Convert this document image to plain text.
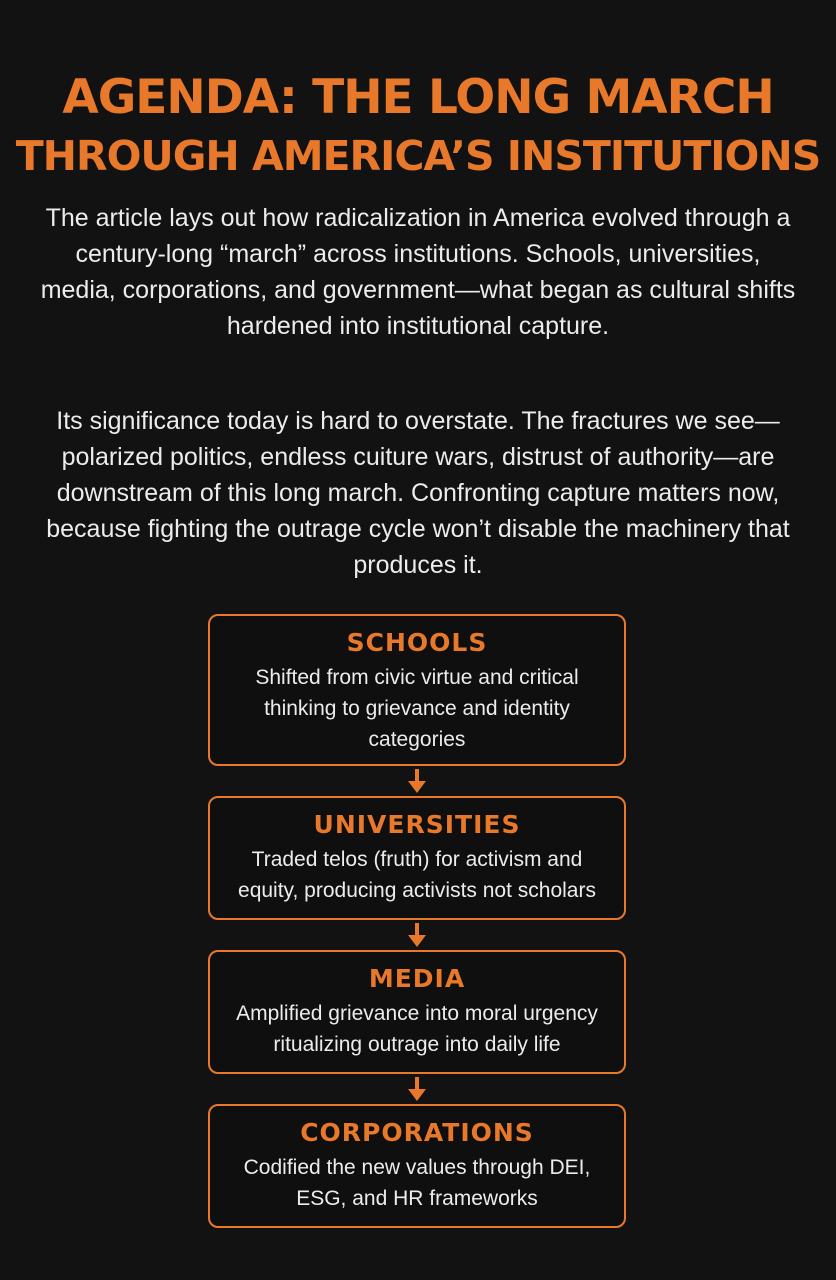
AGENDA: THE LONG MARCH
THROUGH AMERICA’S INSTITUTIONS

The article lays out how radicalization in America evolved through a century-long “march” across institutions. Schools, universities, media, corporations, and government—what began as cultural shifts hardened into institutional capture.

Its significance today is hard to overstate. The fractures we see—polarized politics, endless cuiture wars, distrust of authority—are downstream of this long march. Confronting capture matters now, because fighting the outrage cycle won’t disable the machinery that produces it.

SCHOOLS
Shifted from civic virtue and critical thinking to grievance and identity categories
UNIVERSITIES
Traded telos (fruth) for activism and equity, producing activists not scholars
MEDIA
Amplified grievance into moral urgency ritualizing outrage into daily life
CORPORATIONS
Codified the new values through DEI, ESG, and HR frameworks
